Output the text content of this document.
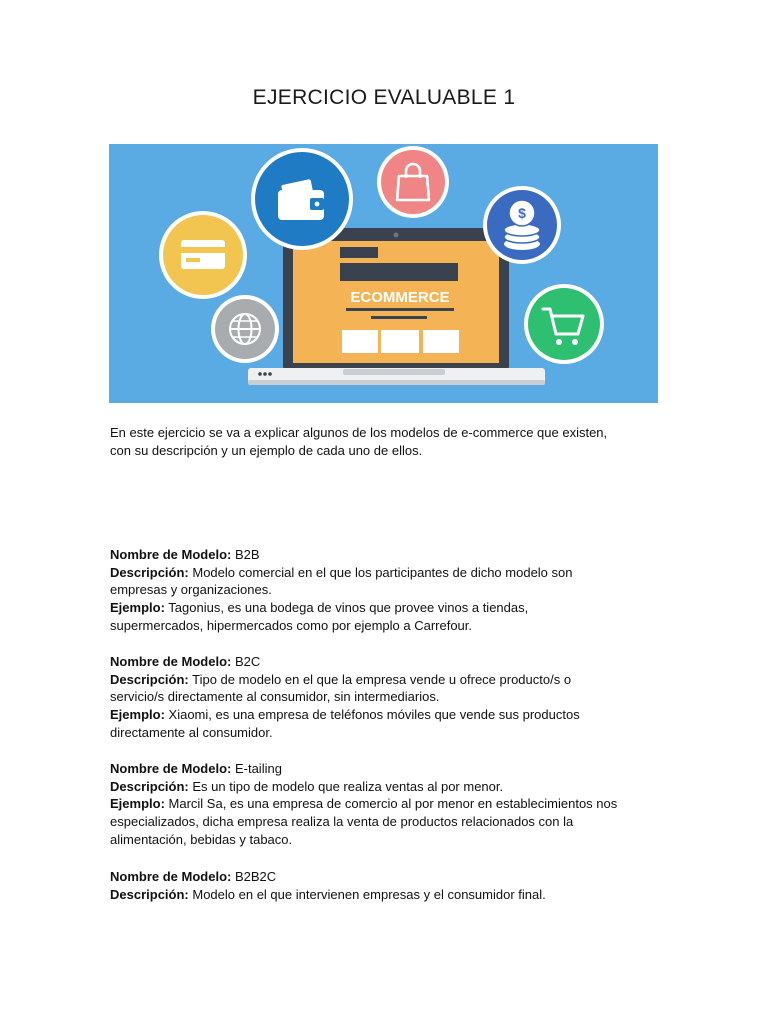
EJERCICIO EVALUABLE 1
ECOMMERCE
$
En este ejercicio se va a explicar algunos de los modelos de e-commerce que existen,
con su descripción y un ejemplo de cada uno de ellos.
Nombre de Modelo: B2B
Descripción: Modelo comercial en el que los participantes de dicho modelo son
empresas y organizaciones.
Ejemplo: Tagonius, es una bodega de vinos que provee vinos a tiendas,
supermercados, hipermercados como por ejemplo a Carrefour.
Nombre de Modelo: B2C
Descripción: Tipo de modelo en el que la empresa vende u ofrece producto/s o
servicio/s directamente al consumidor, sin intermediarios.
Ejemplo: Xiaomi, es una empresa de teléfonos móviles que vende sus productos
directamente al consumidor.
Nombre de Modelo: E-tailing
Descripción: Es un tipo de modelo que realiza ventas al por menor.
Ejemplo: Marcil Sa, es una empresa de comercio al por menor en establecimientos nos
especializados, dicha empresa realiza la venta de productos relacionados con la
alimentación, bebidas y tabaco.
Nombre de Modelo: B2B2C
Descripción: Modelo en el que intervienen empresas y el consumidor final.
